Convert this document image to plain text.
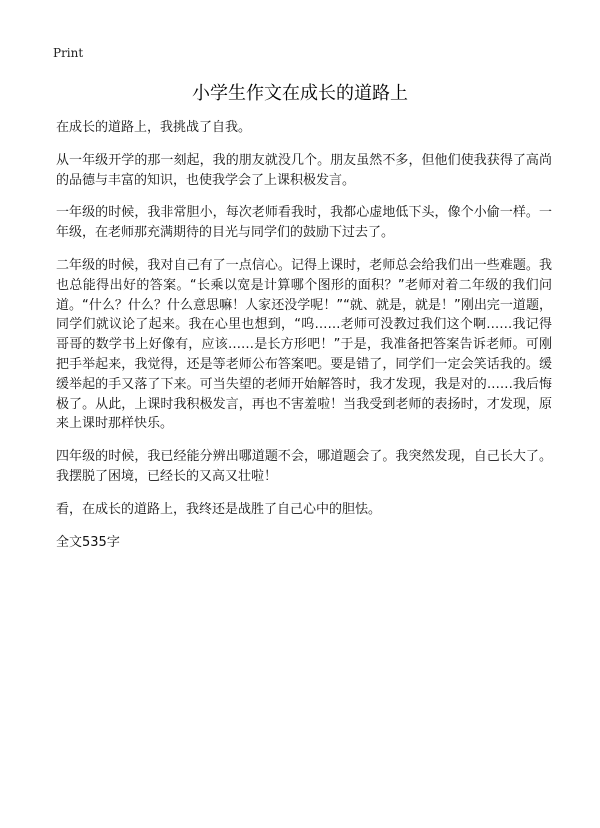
Print
小学生作文在成长的道路上

在成长的道路上，我挑战了自我。

从一年级开学的那一刻起，我的朋友就没几个。朋友虽然不多，但他们使我获得了高尚的品德与丰富的知识，也使我学会了上课积极发言。

一年级的时候，我非常胆小，每次老师看我时，我都心虚地低下头，像个小偷一样。一年级，在老师那充满期待的目光与同学们的鼓励下过去了。

二年级的时候，我对自己有了一点信心。记得上课时，老师总会给我们出一些难题。我也总能得出好的答案。“长乘以宽是计算哪个图形的面积？”老师对着二年级的我们问道。“什么？什么？什么意思嘛！人家还没学呢！”“就、就是，就是！”刚出完一道题，同学们就议论了起来。我在心里也想到，“呜……老师可没教过我们这个啊……我记得哥哥的数学书上好像有，应该……是长方形吧！”于是，我准备把答案告诉老师。可刚把手举起来，我觉得，还是等老师公布答案吧。要是错了，同学们一定会笑话我的。缓缓举起的手又落了下来。可当失望的老师开始解答时，我才发现，我是对的……我后悔极了。从此，上课时我积极发言，再也不害羞啦！当我受到老师的表扬时，才发现，原来上课时那样快乐。

四年级的时候，我已经能分辨出哪道题不会，哪道题会了。我突然发现，自己长大了。我摆脱了困境，已经长的又高又壮啦！

看，在成长的道路上，我终还是战胜了自己心中的胆怯。

全文535字
